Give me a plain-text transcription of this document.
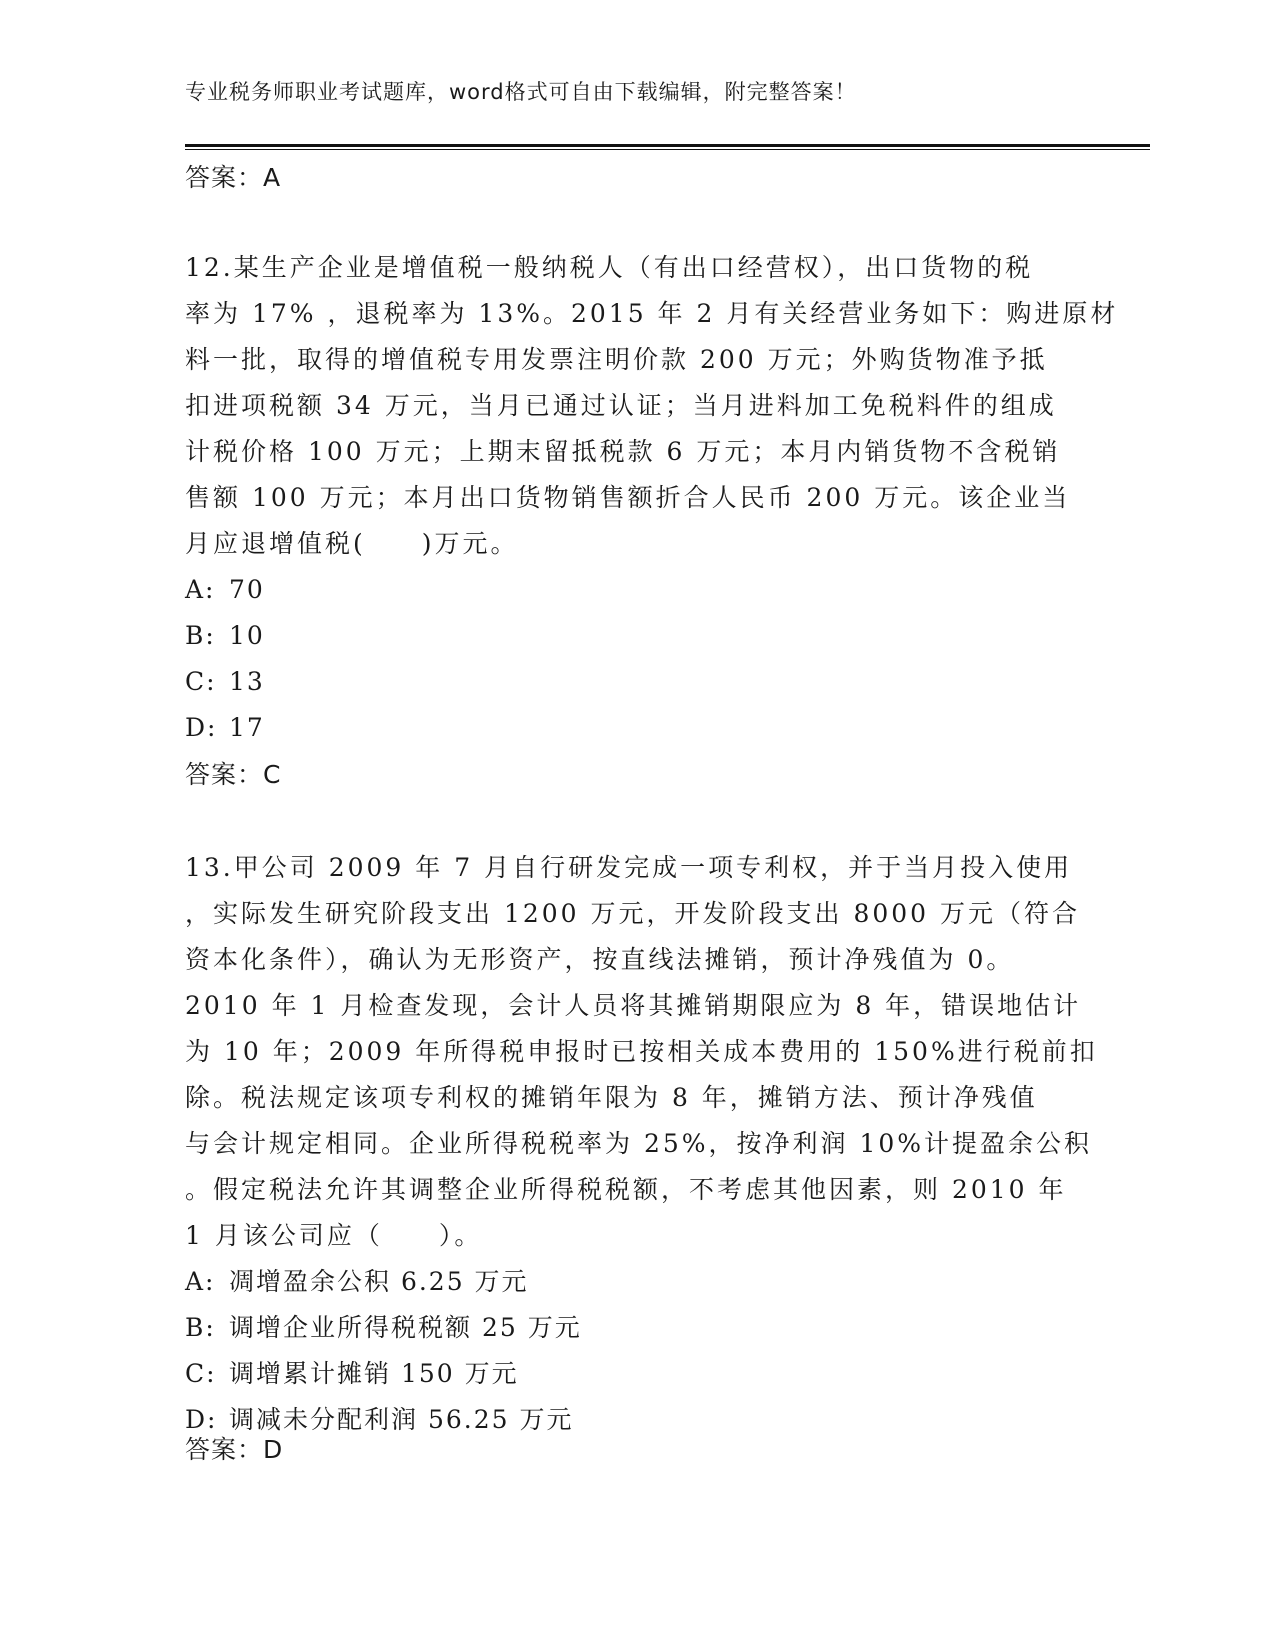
专业税务师职业考试题库，word格式可自由下载编辑，附完整答案！
答案：A
12.某生产企业是增值税一般纳税人（有出口经营权），出口货物的税
率为 17% ，退税率为 13%。2015 年 2 月有关经营业务如下：购进原材
料一批，取得的增值税专用发票注明价款 200 万元；外购货物准予抵
扣进项税额 34 万元，当月已通过认证；当月进料加工免税料件的组成
计税价格 100 万元；上期末留抵税款 6 万元；本月内销货物不含税销
售额 100 万元；本月出口货物销售额折合人民币 200 万元。该企业当
月应退增值税(　　)万元。
A: 70
B: 10
C: 13
D: 17
答案：C
13.甲公司 2009 年 7 月自行研发完成一项专利权，并于当月投入使用
，实际发生研究阶段支出 1200 万元，开发阶段支出 8000 万元（符合
资本化条件），确认为无形资产，按直线法摊销，预计净残值为 0。
2010 年 1 月检查发现，会计人员将其摊销期限应为 8 年，错误地估计
为 10 年；2009 年所得税申报时已按相关成本费用的 150%进行税前扣
除。税法规定该项专利权的摊销年限为 8 年，摊销方法、预计净残值
与会计规定相同。企业所得税税率为 25%，按净利润 10%计提盈余公积
。假定税法允许其调整企业所得税税额，不考虑其他因素，则 2010 年
1 月该公司应（　　）。
A: 凋增盈余公积 6.25 万元
B: 调增企业所得税税额 25 万元
C: 调增累计摊销 150 万元
D: 调减未分配利润 56.25 万元
答案：D
